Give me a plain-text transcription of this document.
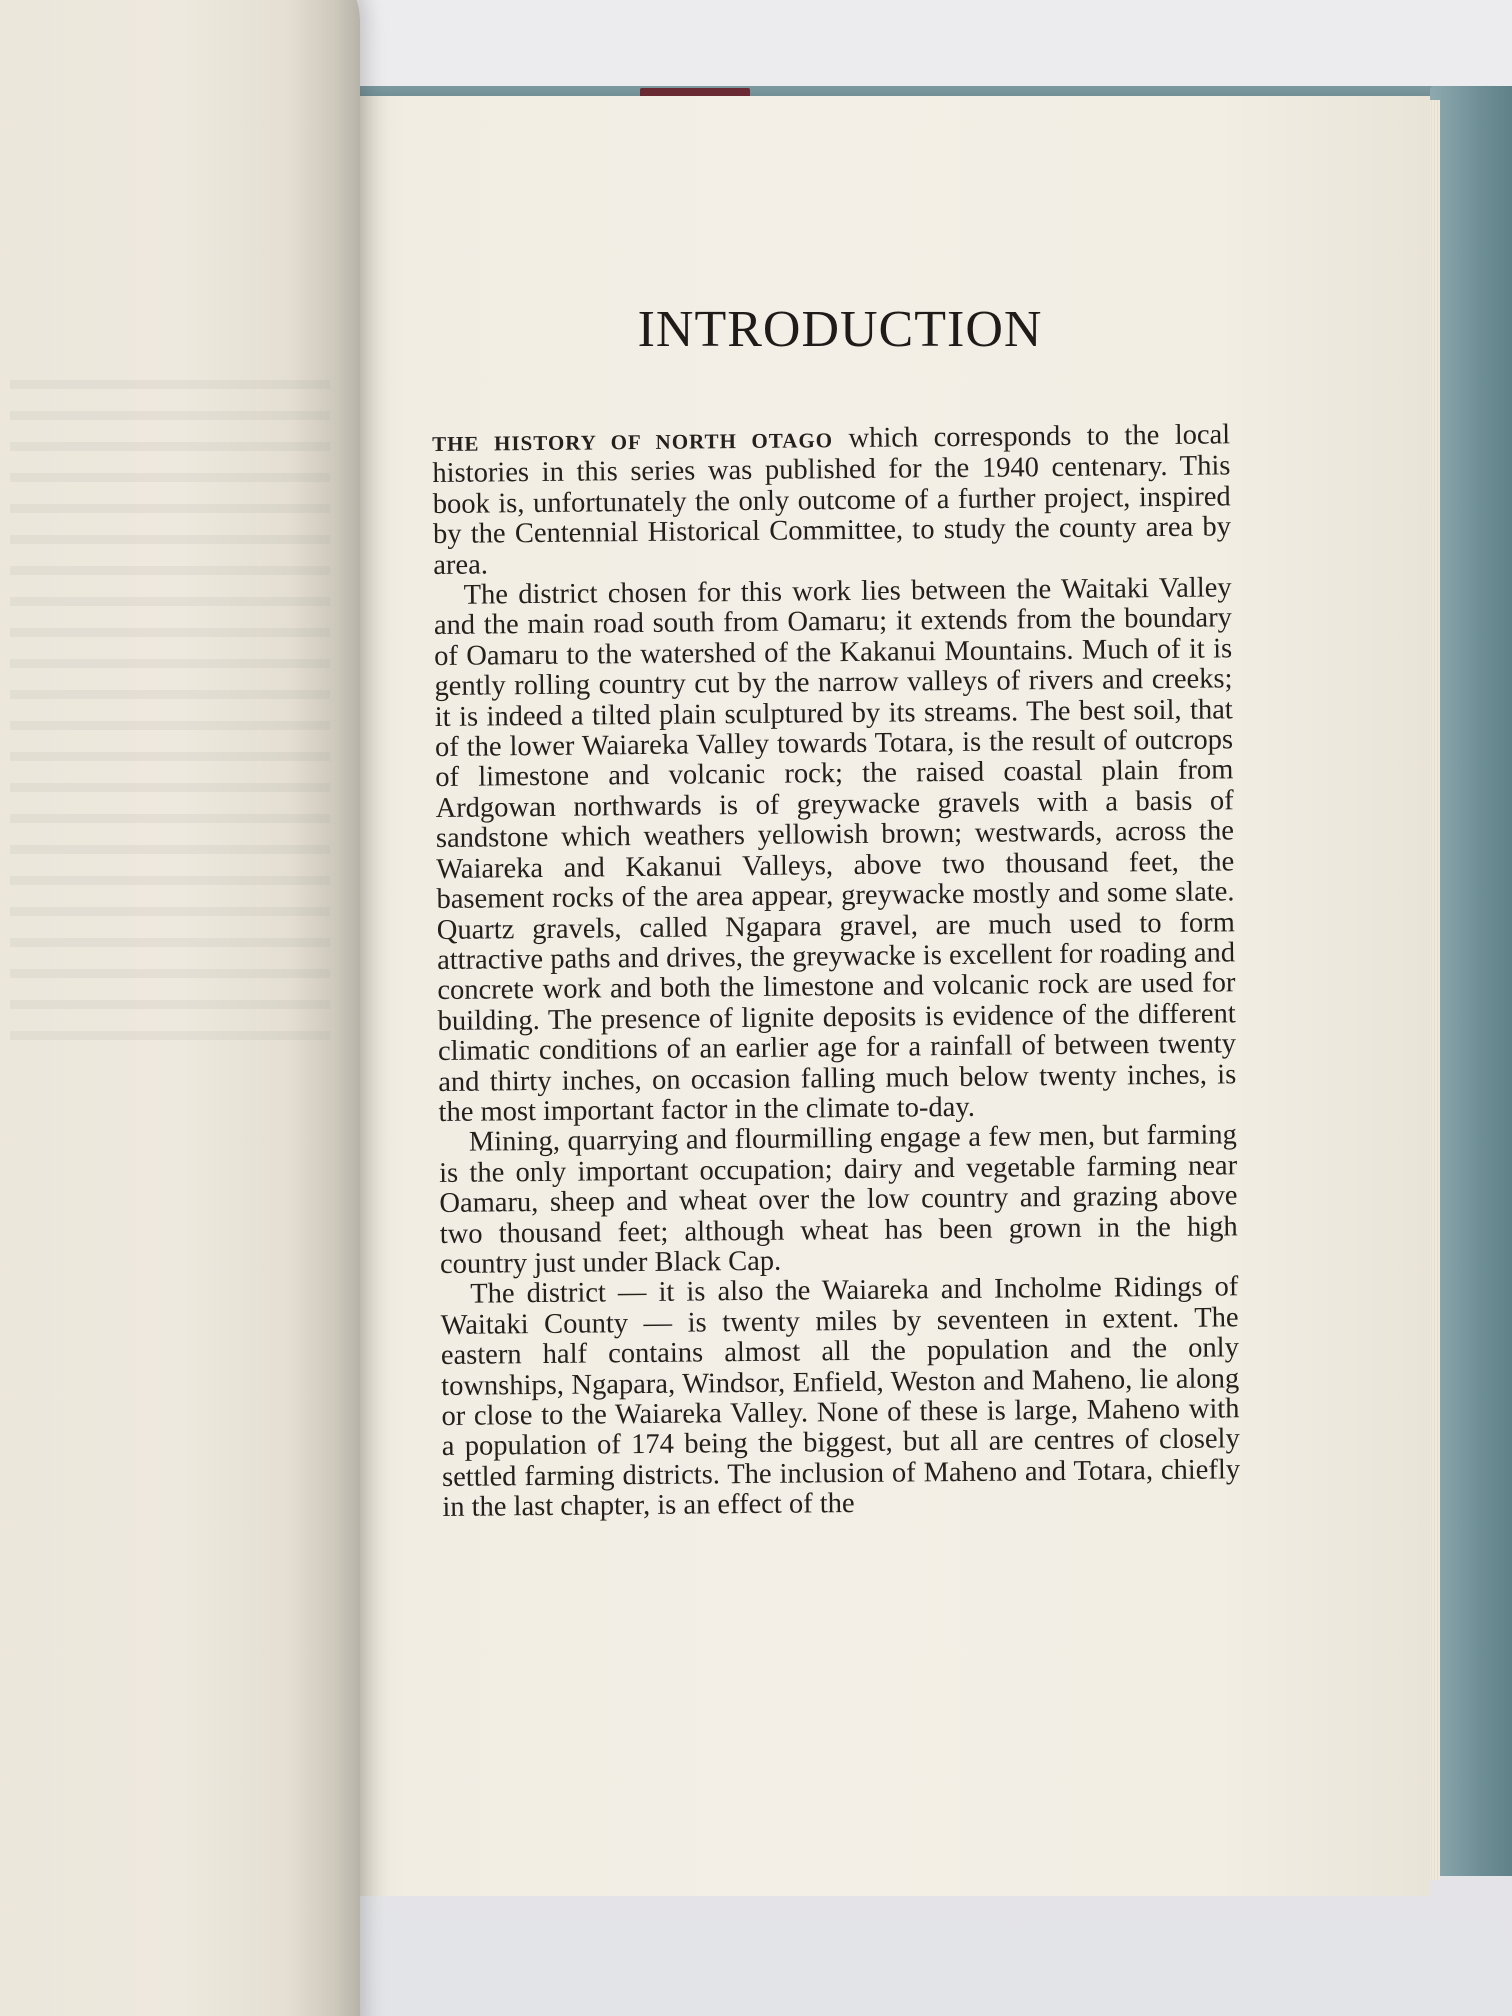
INTRODUCTION

THE HISTORY OF NORTH OTAGO which corresponds to the local histories in this series was published for the 1940 centenary. This book is, unfortunately the only outcome of a further project, inspired by the Centennial Historical Committee, to study the county area by area.

The district chosen for this work lies between the Waitaki Valley and the main road south from Oamaru; it extends from the boundary of Oamaru to the watershed of the Kakanui Mountains. Much of it is gently rolling country cut by the narrow valleys of rivers and creeks; it is indeed a tilted plain sculptured by its streams. The best soil, that of the lower Waiareka Valley towards Totara, is the result of outcrops of limestone and volcanic rock; the raised coastal plain from Ardgowan northwards is of greywacke gravels with a basis of sandstone which weathers yellowish brown; westwards, across the Waiareka and Kakanui Valleys, above two thousand feet, the basement rocks of the area appear, greywacke mostly and some slate. Quartz gravels, called Ngapara gravel, are much used to form attractive paths and drives, the greywacke is excellent for roading and concrete work and both the limestone and volcanic rock are used for building. The presence of lignite deposits is evidence of the different climatic conditions of an earlier age for a rainfall of between twenty and thirty inches, on occasion falling much below twenty inches, is the most important factor in the climate to-day.

Mining, quarrying and flourmilling engage a few men, but farming is the only important occupation; dairy and vegetable farming near Oamaru, sheep and wheat over the low country and grazing above two thousand feet; although wheat has been grown in the high country just under Black Cap.

The district — it is also the Waiareka and Incholme Ridings of Waitaki County — is twenty miles by seventeen in extent. The eastern half contains almost all the population and the only townships, Ngapara, Windsor, Enfield, Weston and Maheno, lie along or close to the Waiareka Valley. None of these is large, Maheno with a population of 174 being the biggest, but all are centres of closely settled farming districts. The inclusion of Maheno and Totara, chiefly in the last chapter, is an effect of the
